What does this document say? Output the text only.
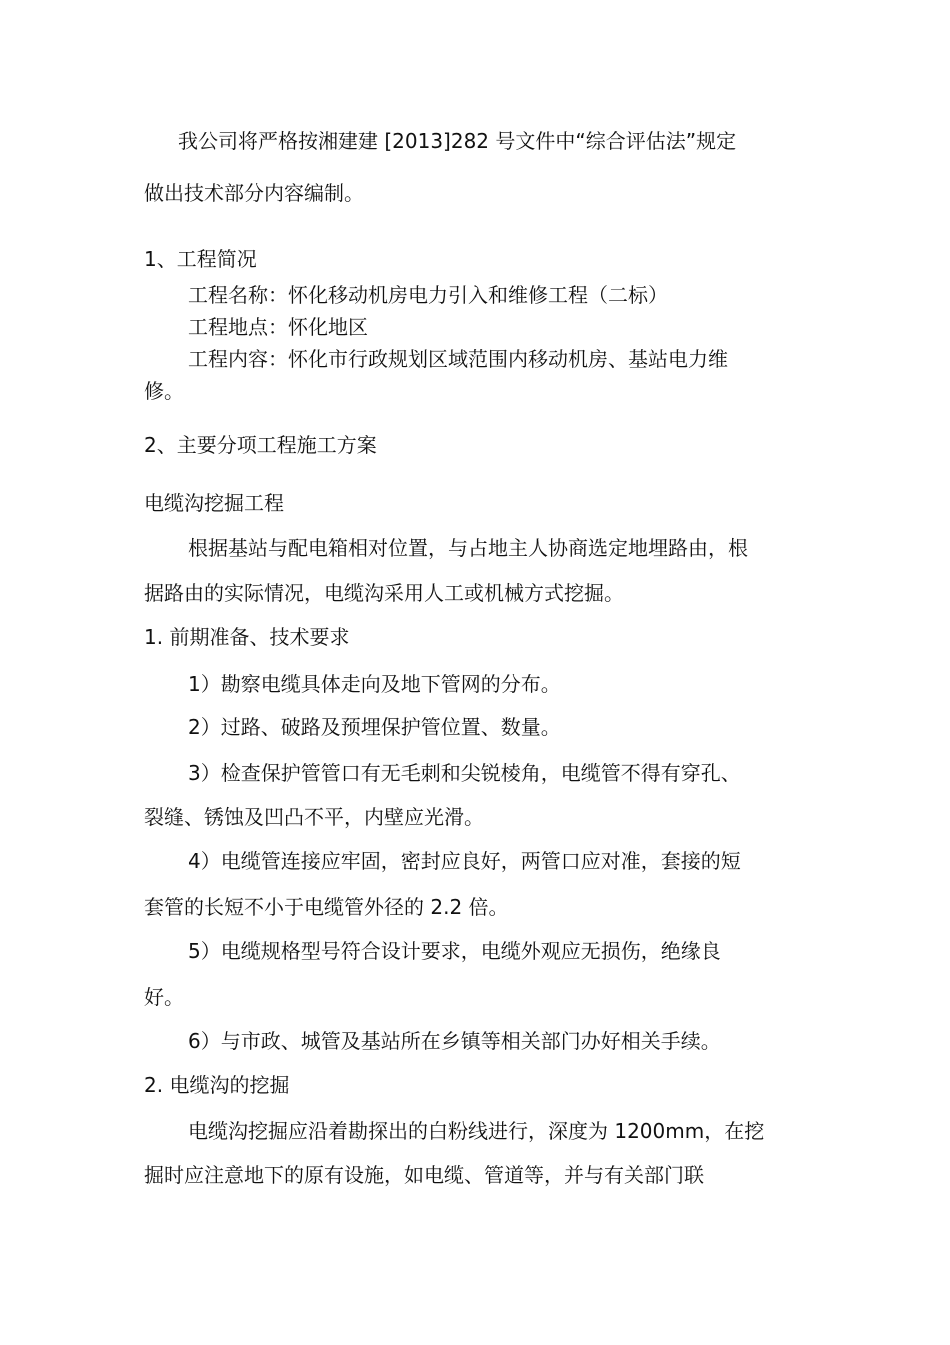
我公司将严格按湘建建 [2013]282 号文件中“综合评估法”规定

做出技术部分内容编制。

1、工程简况

工程名称：怀化移动机房电力引入和维修工程（二标）

工程地点：怀化地区

工程内容：怀化市行政规划区域范围内移动机房、基站电力维

修。

2、主要分项工程施工方案

电缆沟挖掘工程

根据基站与配电箱相对位置，与占地主人协商选定地埋路由，根

据路由的实际情况，电缆沟采用人工或机械方式挖掘。

1. 前期准备、技术要求

1）勘察电缆具体走向及地下管网的分布。

2）过路、破路及预埋保护管位置、数量。

3）检查保护管管口有无毛刺和尖锐棱角，电缆管不得有穿孔、

裂缝、锈蚀及凹凸不平，内壁应光滑。

4）电缆管连接应牢固，密封应良好，两管口应对准，套接的短

套管的长短不小于电缆管外径的 2.2 倍。

5）电缆规格型号符合设计要求，电缆外观应无损伤，绝缘良

好。

6）与市政、城管及基站所在乡镇等相关部门办好相关手续。

2. 电缆沟的挖掘

电缆沟挖掘应沿着勘探出的白粉线进行，深度为 1200mm，在挖

掘时应注意地下的原有设施，如电缆、管道等，并与有关部门联
